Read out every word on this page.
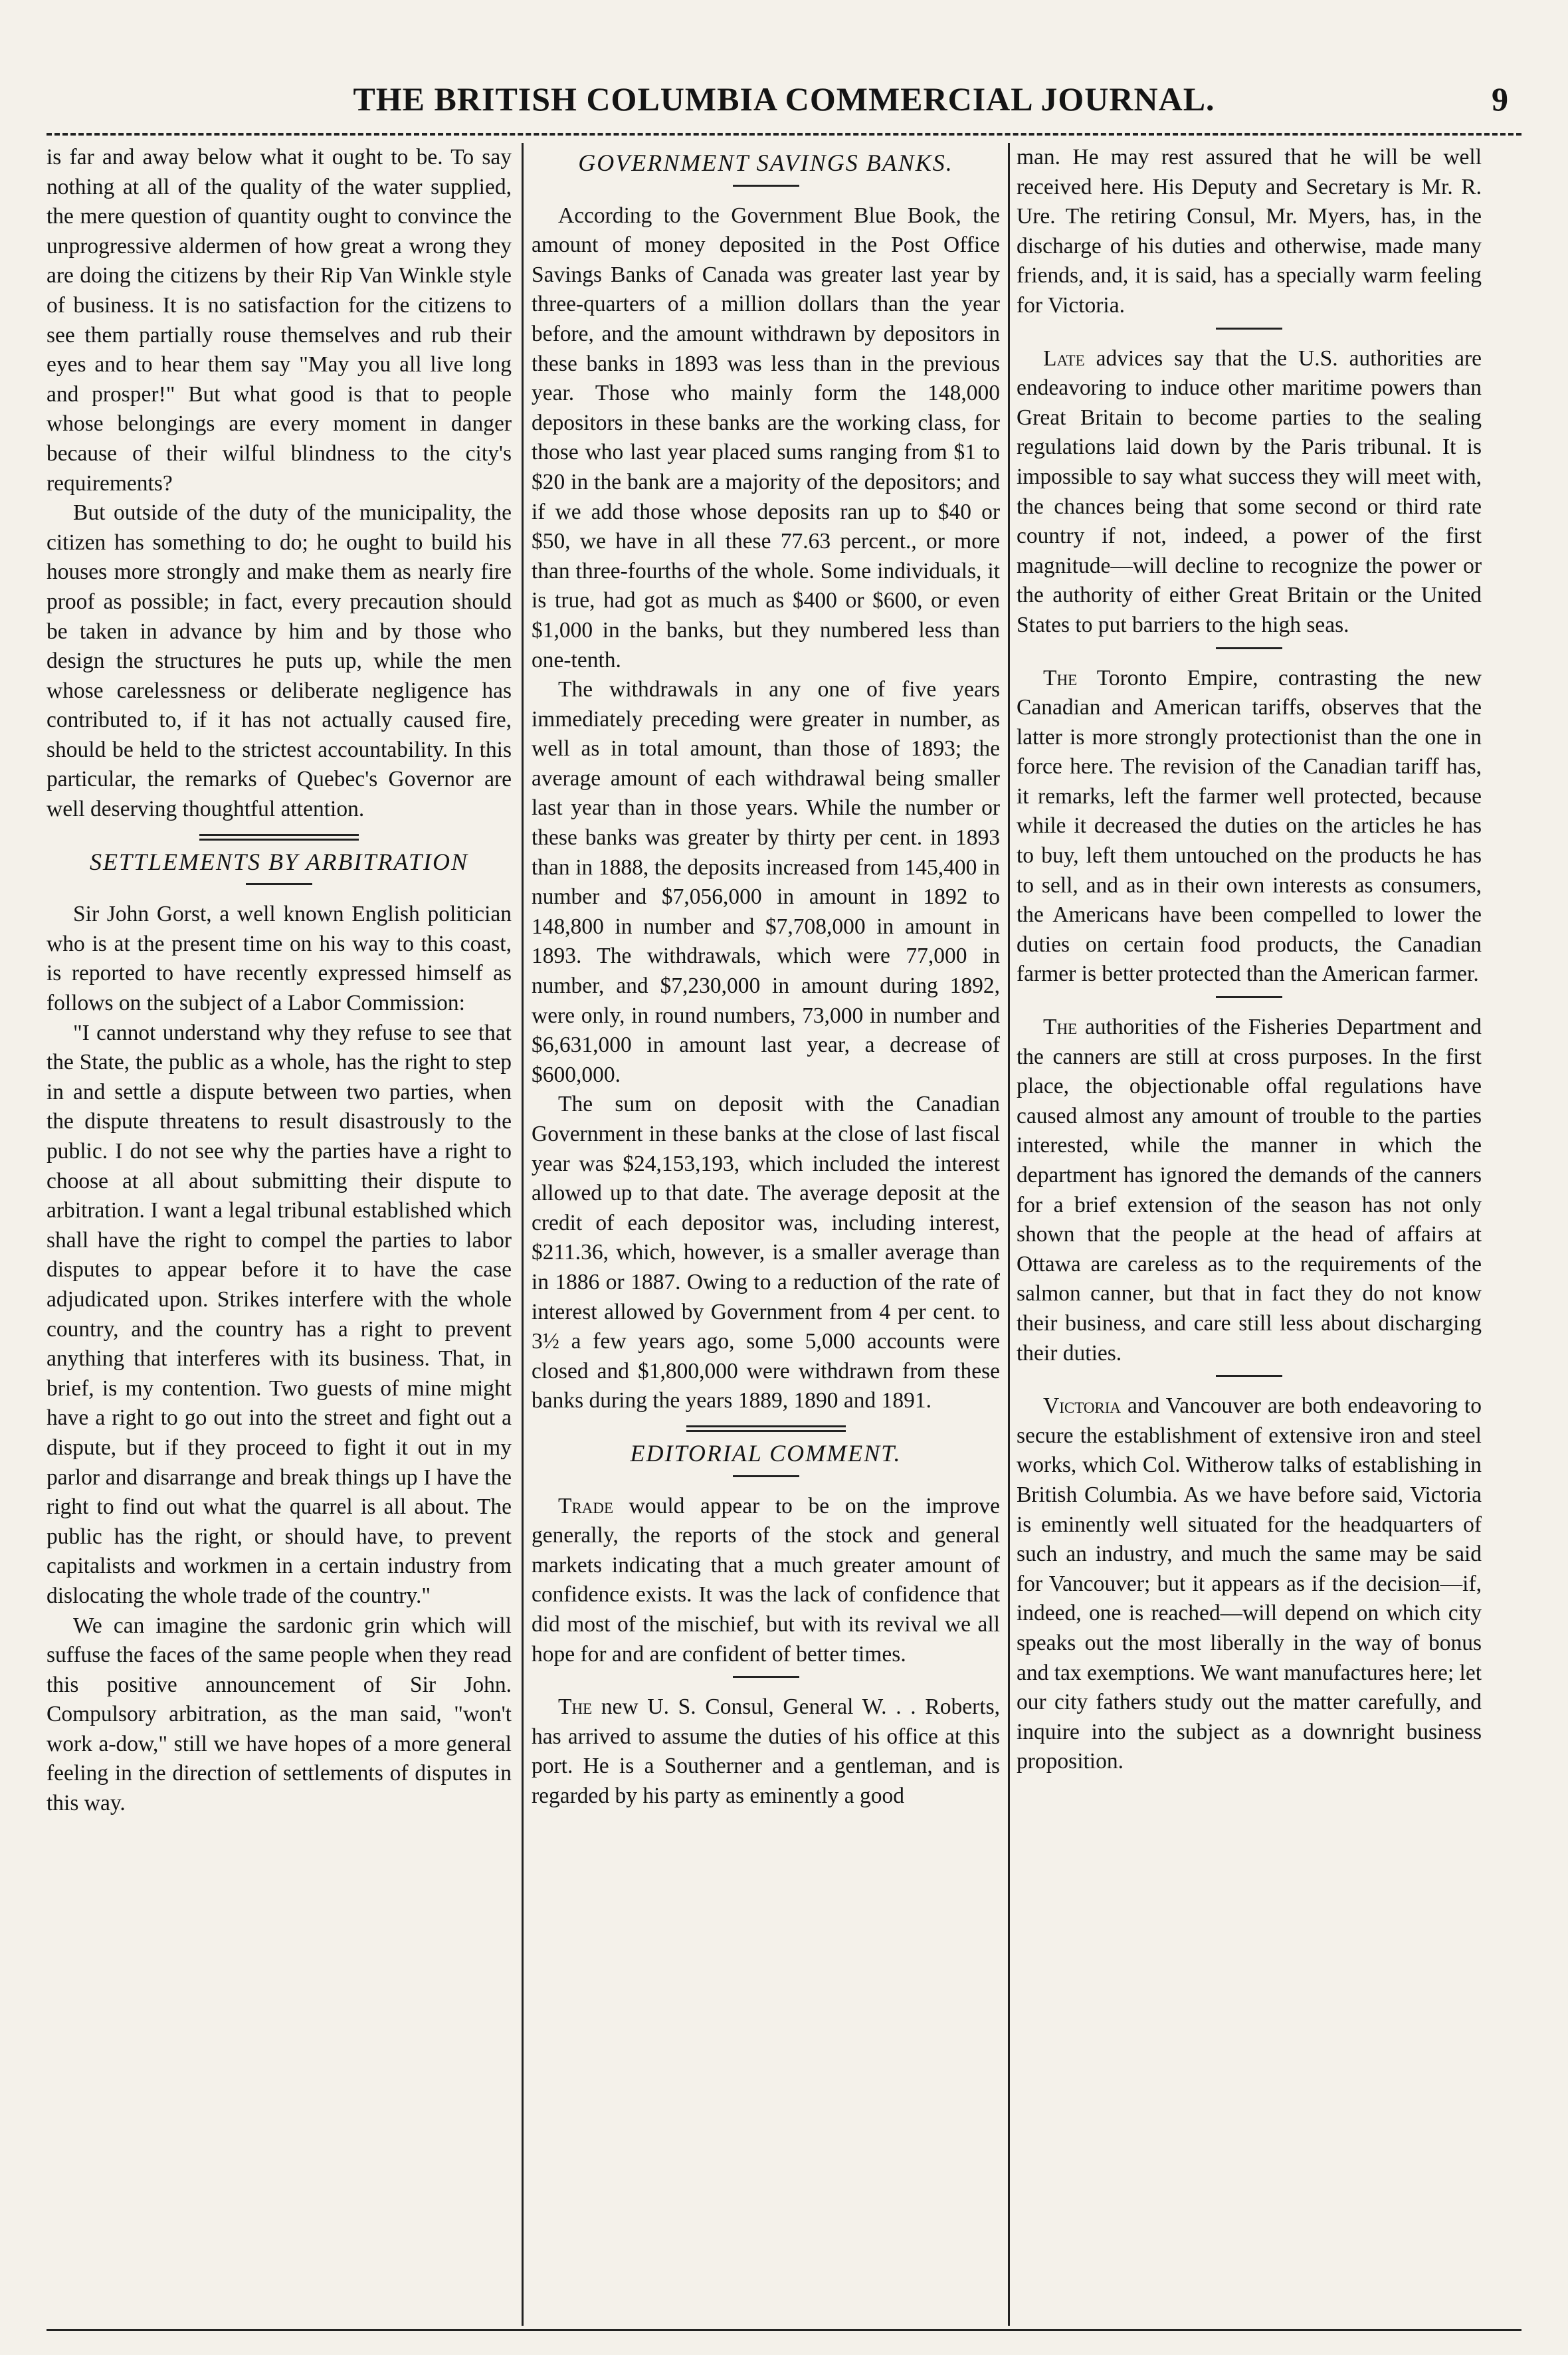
THE BRITISH COLUMBIA COMMERCIAL JOURNAL.	9

is far and away below what it ought to be. To say nothing at all of the quality of the water supplied, the mere question of quantity ought to convince the unprogressive aldermen of how great a wrong they are doing the citizens by their Rip Van Winkle style of business. It is no satisfaction for the citizens to see them partially rouse themselves and rub their eyes and to hear them say "May you all live long and prosper!" But what good is that to people whose belongings are every moment in danger because of their wilful blindness to the city's requirements?

But outside of the duty of the municipality, the citizen has something to do; he ought to build his houses more strongly and make them as nearly fire proof as possible; in fact, every precaution should be taken in advance by him and by those who design the structures he puts up, while the men whose carelessness or deliberate negligence has contributed to, if it has not actually caused fire, should be held to the strictest accountability. In this particular, the remarks of Quebec's Governor are well deserving thoughtful attention.

SETTLEMENTS BY ARBITRATION

Sir John Gorst, a well known English politician who is at the present time on his way to this coast, is reported to have recently expressed himself as follows on the subject of a Labor Commission:

"I cannot understand why they refuse to see that the State, the public as a whole, has the right to step in and settle a dispute between two parties, when the dispute threatens to result disastrously to the public. I do not see why the parties have a right to choose at all about submitting their dispute to arbitration. I want a legal tribunal established which shall have the right to compel the parties to labor disputes to appear before it to have the case adjudicated upon. Strikes interfere with the whole country, and the country has a right to prevent anything that interferes with its business. That, in brief, is my contention. Two guests of mine might have a right to go out into the street and fight out a dispute, but if they proceed to fight it out in my parlor and disarrange and break things up I have the right to find out what the quarrel is all about. The public has the right, or should have, to prevent capitalists and workmen in a certain industry from dislocating the whole trade of the country."

We can imagine the sardonic grin which will suffuse the faces of the same people when they read this positive announcement of Sir John. Compulsory arbitration, as the man said, "won't work a-dow," still we have hopes of a more general feeling in the direction of settlements of disputes in this way.

GOVERNMENT SAVINGS BANKS.

According to the Government Blue Book, the amount of money deposited in the Post Office Savings Banks of Canada was greater last year by three-quarters of a million dollars than the year before, and the amount withdrawn by depositors in these banks in 1893 was less than in the previous year. Those who mainly form the 148,000 depositors in these banks are the working class, for those who last year placed sums ranging from $1 to $20 in the bank are a majority of the depositors; and if we add those whose deposits ran up to $40 or $50, we have in all these 77.63 percent., or more than three-fourths of the whole. Some individuals, it is true, had got as much as $400 or $600, or even $1,000 in the banks, but they numbered less than one-tenth.

The withdrawals in any one of five years immediately preceding were greater in number, as well as in total amount, than those of 1893; the average amount of each withdrawal being smaller last year than in those years. While the number or these banks was greater by thirty per cent. in 1893 than in 1888, the deposits increased from 145,400 in number and $7,056,000 in amount in 1892 to 148,800 in number and $7,708,000 in amount in 1893. The withdrawals, which were 77,000 in number, and $7,230,000 in amount during 1892, were only, in round numbers, 73,000 in number and $6,631,000 in amount last year, a decrease of $600,000.

The sum on deposit with the Canadian Government in these banks at the close of last fiscal year was $24,153,193, which included the interest allowed up to that date. The average deposit at the credit of each depositor was, including interest, $211.36, which, however, is a smaller average than in 1886 or 1887. Owing to a reduction of the rate of interest allowed by Government from 4 per cent. to 3½ a few years ago, some 5,000 accounts were closed and $1,800,000 were withdrawn from these banks during the years 1889, 1890 and 1891.

EDITORIAL COMMENT.

Trade would appear to be on the improve generally, the reports of the stock and general markets indicating that a much greater amount of confidence exists. It was the lack of confidence that did most of the mischief, but with its revival we all hope for and are confident of better times.

The new U. S. Consul, General W. . . Roberts, has arrived to assume the duties of his office at this port. He is a Southerner and a gentleman, and is regarded by his party as eminently a good

man. He may rest assured that he will be well received here. His Deputy and Secretary is Mr. R. Ure. The retiring Consul, Mr. Myers, has, in the discharge of his duties and otherwise, made many friends, and, it is said, has a specially warm feeling for Victoria.

Late advices say that the U.S. authorities are endeavoring to induce other maritime powers than Great Britain to become parties to the sealing regulations laid down by the Paris tribunal. It is impossible to say what success they will meet with, the chances being that some second or third rate country if not, indeed, a power of the first magnitude—will decline to recognize the power or the authority of either Great Britain or the United States to put barriers to the high seas.

The Toronto Empire, contrasting the new Canadian and American tariffs, observes that the latter is more strongly protectionist than the one in force here. The revision of the Canadian tariff has, it remarks, left the farmer well protected, because while it decreased the duties on the articles he has to buy, left them untouched on the products he has to sell, and as in their own interests as consumers, the Americans have been compelled to lower the duties on certain food products, the Canadian farmer is better protected than the American farmer.

The authorities of the Fisheries Department and the canners are still at cross purposes. In the first place, the objectionable offal regulations have caused almost any amount of trouble to the parties interested, while the manner in which the department has ignored the demands of the canners for a brief extension of the season has not only shown that the people at the head of affairs at Ottawa are careless as to the requirements of the salmon canner, but that in fact they do not know their business, and care still less about discharging their duties.

Victoria and Vancouver are both endeavoring to secure the establishment of extensive iron and steel works, which Col. Witherow talks of establishing in British Columbia. As we have before said, Victoria is eminently well situated for the headquarters of such an industry, and much the same may be said for Vancouver; but it appears as if the decision—if, indeed, one is reached—will depend on which city speaks out the most liberally in the way of bonus and tax exemptions. We want manufactures here; let our city fathers study out the matter carefully, and inquire into the subject as a downright business proposition.
